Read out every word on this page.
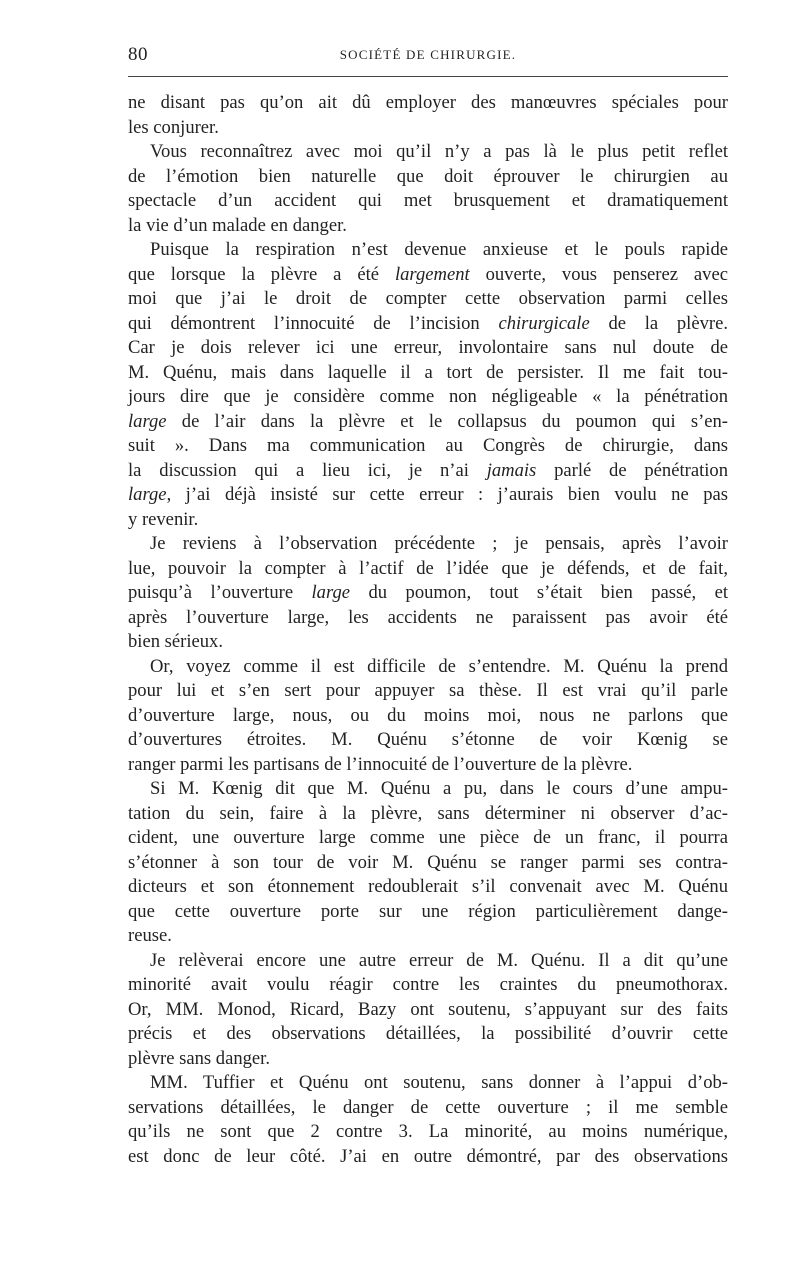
80	SOCIÉTÉ DE CHIRURGIE.
ne disant pas qu’on ait dû employer des manœuvres spéciales pour
les conjurer.
Vous reconnaîtrez avec moi qu’il n’y a pas là le plus petit reflet
de l’émotion bien naturelle que doit éprouver le chirurgien au
spectacle d’un accident qui met brusquement et dramatiquement
la vie d’un malade en danger.
Puisque la respiration n’est devenue anxieuse et le pouls rapide
que lorsque la plèvre a été largement ouverte, vous penserez avec
moi que j’ai le droit de compter cette observation parmi celles
qui démontrent l’innocuité de l’incision chirurgicale de la plèvre.
Car je dois relever ici une erreur, involontaire sans nul doute de
M. Quénu, mais dans laquelle il a tort de persister. Il me fait tou-
jours dire que je considère comme non négligeable « la pénétration
large de l’air dans la plèvre et le collapsus du poumon qui s’en-
suit ». Dans ma communication au Congrès de chirurgie, dans
la discussion qui a lieu ici, je n’ai jamais parlé de pénétration
large, j’ai déjà insisté sur cette erreur : j’aurais bien voulu ne pas
y revenir.
Je reviens à l’observation précédente ; je pensais, après l’avoir
lue, pouvoir la compter à l’actif de l’idée que je défends, et de fait,
puisqu’à l’ouverture large du poumon, tout s’était bien passé, et
après l’ouverture large, les accidents ne paraissent pas avoir été
bien sérieux.
Or, voyez comme il est difficile de s’entendre. M. Quénu la prend
pour lui et s’en sert pour appuyer sa thèse. Il est vrai qu’il parle
d’ouverture large, nous, ou du moins moi, nous ne parlons que
d’ouvertures étroites. M. Quénu s’étonne de voir Kœnig se
ranger parmi les partisans de l’innocuité de l’ouverture de la plèvre.
Si M. Kœnig dit que M. Quénu a pu, dans le cours d’une ampu-
tation du sein, faire à la plèvre, sans déterminer ni observer d’ac-
cident, une ouverture large comme une pièce de un franc, il pourra
s’étonner à son tour de voir M. Quénu se ranger parmi ses contra-
dicteurs et son étonnement redoublerait s’il convenait avec M. Quénu
que cette ouverture porte sur une région particulièrement dange-
reuse.
Je relèverai encore une autre erreur de M. Quénu. Il a dit qu’une
minorité avait voulu réagir contre les craintes du pneumothorax.
Or, MM. Monod, Ricard, Bazy ont soutenu, s’appuyant sur des faits
précis et des observations détaillées, la possibilité d’ouvrir cette
plèvre sans danger.
MM. Tuffier et Quénu ont soutenu, sans donner à l’appui d’ob-
servations détaillées, le danger de cette ouverture ; il me semble
qu’ils ne sont que 2 contre 3. La minorité, au moins numérique,
est donc de leur côté. J’ai en outre démontré, par des observations
